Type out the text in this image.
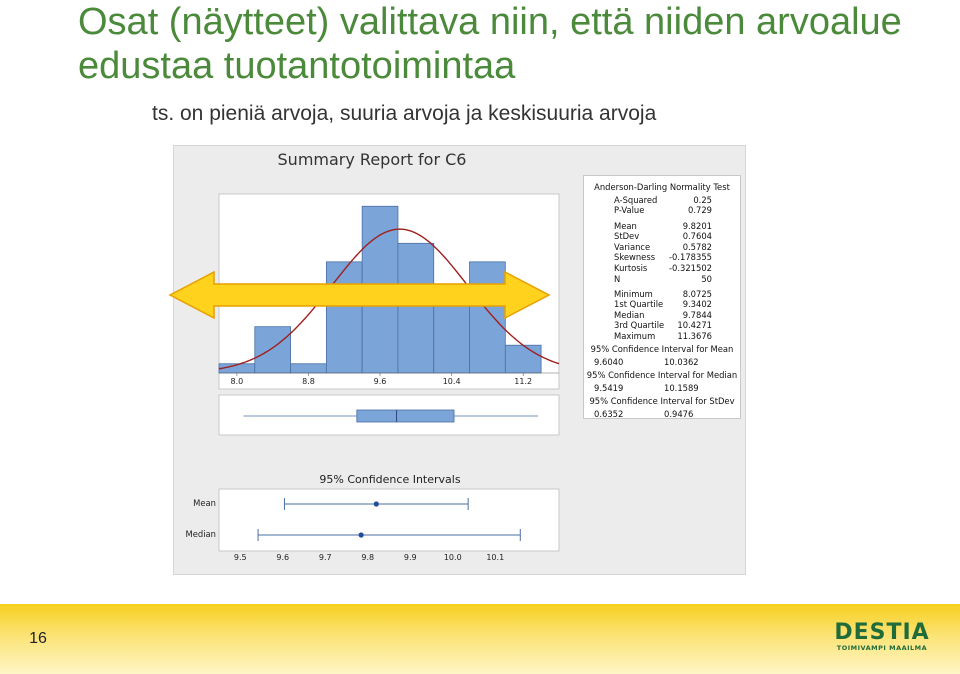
Osat (näytteet) valittava niin, että niiden arvoalue edustaa tuotantotoimintaa
ts. on pieniä arvoja, suuria arvoja ja keskisuuria arvoja
Summary Report for C6
8.0	8.8	9.6	10.4	11.2
9.5	9.6	9.7	9.8	9.9	10.0	10.1
Anderson-Darling Normality Test
A-Squared	0.25
P-Value	0.729
Mean	9.8201
StDev	0.7604
Variance	0.5782
Skewness -0.178355
Kurtosis	-0.321502
N	50
Minimum	8.0725
1st Quartile 9.3402
Median	9.7844
3rd Quartile 10.4271
Maximum	11.3676
95% Confidence Interval for Mean
9.6040	10.0362
95% Confidence Interval for Median
9.5419	10.1589
95% Confidence Interval for StDev
0.6352	0.9476
95% Confidence Intervals
Mean
Median
16	DESTIA
TOIMIVAMPI MAAILMA
